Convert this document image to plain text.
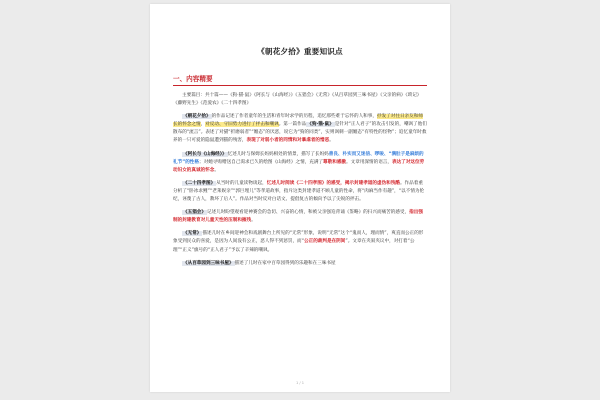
《朝花夕拾》重要知识点
一、内容精要

主要篇目：共十篇——《狗·猫·鼠》《阿长与《山海经》》《五猖会》《无常》《从百草园到三味书屋》《父亲的病》《琐记》《藤野先生》《范爱农》《二十四孝图》

《朝花夕拾》的作品记述了作者童年的生活和青年时求学的历程，追忆那些难于忘怀的人和事，抒发了对往日亲友和师长的怀念之情，对反动、守旧势力进行了抨击和嘲讽。第一篇作品《狗·猫·鼠》是针对“正人君子”的攻击引发的，嘲讽了他们散布的“流言”。表述了对猫“折磨弱者”“媚态”的厌恶，说它为“狗的同类”，实则讽刺一副媚态“有特性的怪物”；追忆童年时救养的一只可爱的隐鼠遭到猫的残害，表现了对弱小者的同情和对暴虐者的憎恶。

《阿长与《山海经》》忆述儿时与保姆长妈妈相处的情景，描写了长妈妈善良、朴实而又迷信、啰唆、“满肚子是麻烦的礼节”的性格；对她寻购赠送自己渴求已久的绘图《山海经》之情，充满了尊敬和感激。文章用深情的语言，表达了对这位劳动妇女的真诚的怀念。

《二十四孝图》从当时的儿童读物谈起，忆述儿时阅读《二十四孝图》的感受，揭示封建孝道的虚伪和残酷。作品着重分析了“卧冰求鲤”“老莱娱亲”“郭巨埋儿”等孝道故事，指斥这类封建孝道不顾儿童的性命，将“肉麻当作有趣”，“以不情为伦纪，诬蔑了古人，教坏了后人”。作品对当时反对白话文、提倡复古的倾向予以了尖锐的抨击。

《五猖会》记述儿时盼望观看迎神赛会的急切、兴奋的心情，和被父亲强迫背诵《鉴略》的扫兴而痛苦的感受，指出强制的封建教育对儿童天性的压制和摧残。

《无常》描述儿时在乡间迎神会和戏剧舞台上所见的“无常”形象，说明“无常”这个“鬼而人，理而情”，爽直而公正的形象受到民众的喜爱，是因为人间没有公正，恶人得不到惩罚，而“公正的裁判是在阴间”。文章在夹叙夹议中，对打着“公理”“正义”旗号的“正人君子”予以了辛辣的嘲讽。

《从百草园到三味书屋》描述了儿时在家中百草园得到的乐趣和在三味书屋

1 / 1
